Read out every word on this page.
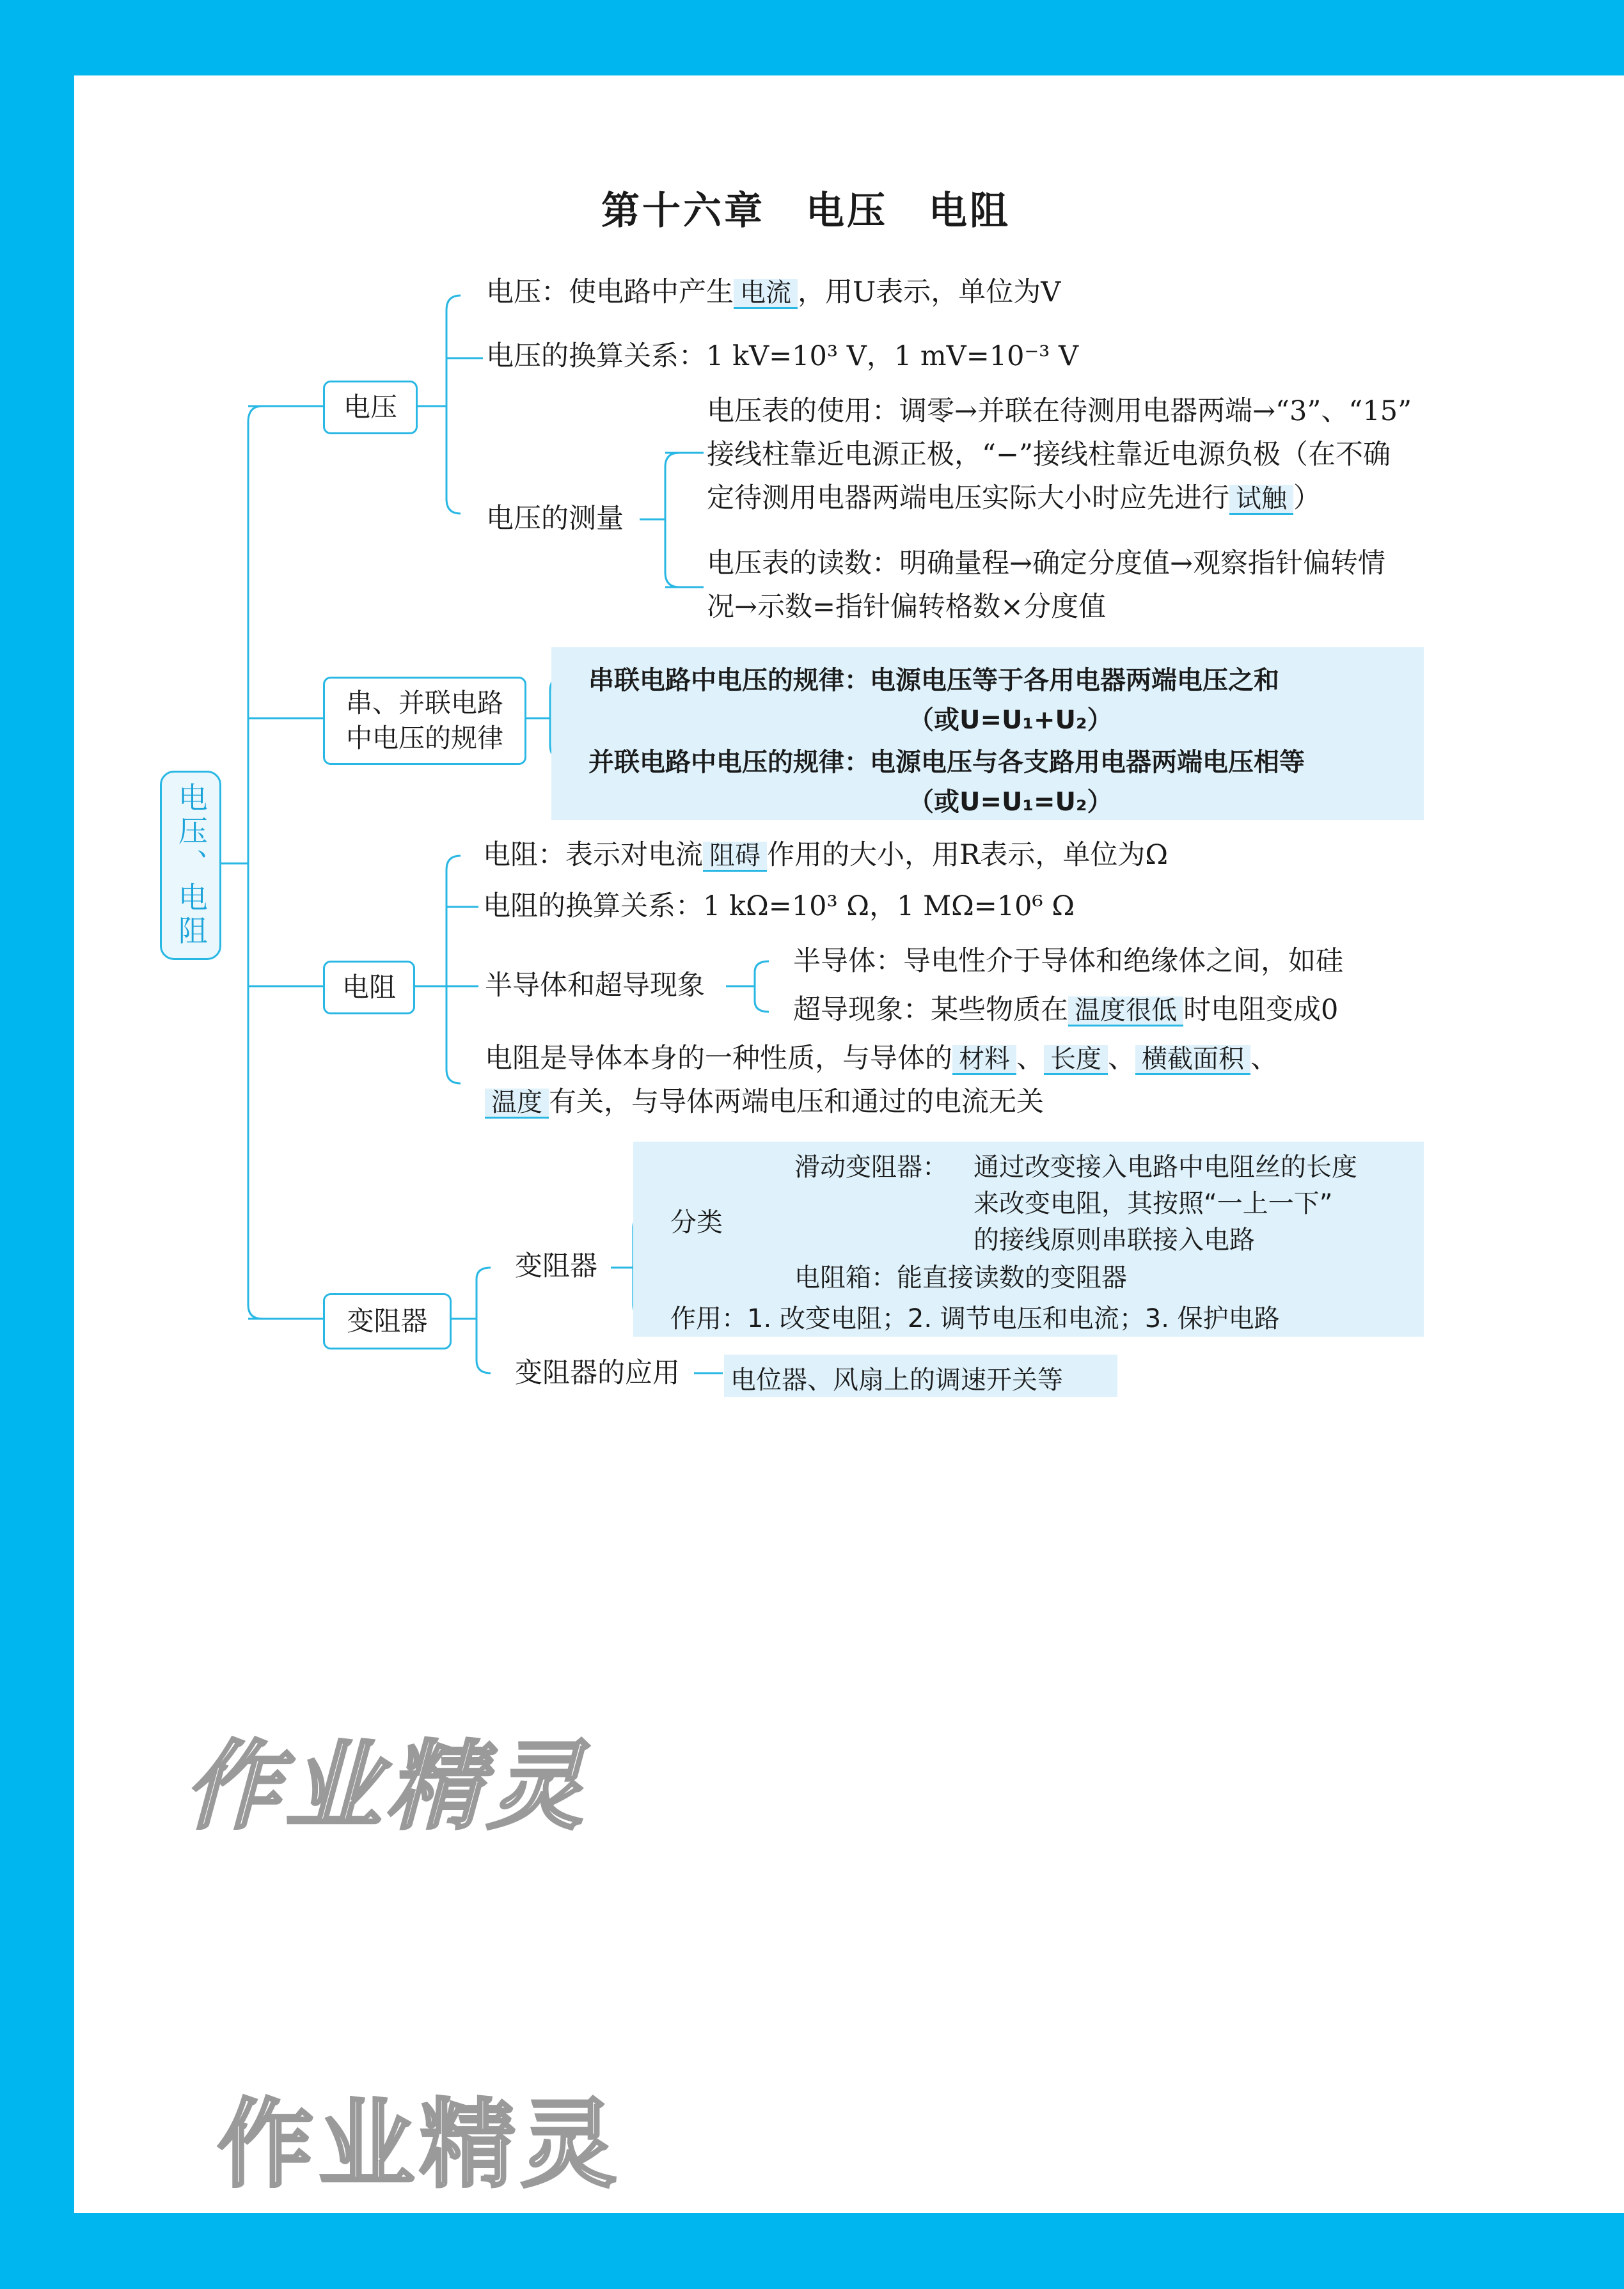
第十六章　电压　电阻
电压、电阻
电压
电压：使电路中产生 电流 ，用U表示，单位为V
电压的换算关系：1 kV=10³ V，1 mV=10⁻³ V
电压的测量
电压表的使用：调零→并联在待测用电器两端→“3”、“15”
接线柱靠近电源正极，“−”接线柱靠近电源负极（在不确
定待测用电器两端电压实际大小时应先进行 试触 ）
电压表的读数：明确量程→确定分度值→观察指针偏转情
况→示数=指针偏转格数×分度值
串、并联电路
中电压的规律
串联电路中电压的规律：电源电压等于各用电器两端电压之和
（或U=U₁+U₂）
并联电路中电压的规律：电源电压与各支路用电器两端电压相等
（或U=U₁=U₂）
电阻
电阻：表示对电流 阻碍 作用的大小，用R表示，单位为Ω
电阻的换算关系：1 kΩ=10³ Ω，1 MΩ=10⁶ Ω
半导体和超导现象
半导体：导电性介于导体和绝缘体之间，如硅
超导现象：某些物质在 温度很低 时电阻变成0
电阻是导体本身的一种性质，与导体的 材料 、 长度 、 横截面积 、
温度 有关，与导体两端电压和通过的电流无关
变阻器
变阻器
分类
滑动变阻器： 通过改变接入电路中电阻丝的长度
来改变电阻，其按照“一上一下”
的接线原则串联接入电路
电阻箱：能直接读数的变阻器
作用：1. 改变电阻；2. 调节电压和电流；3. 保护电路
变阻器的应用 电位器、风扇上的调速开关等
作业精灵
作业精灵
